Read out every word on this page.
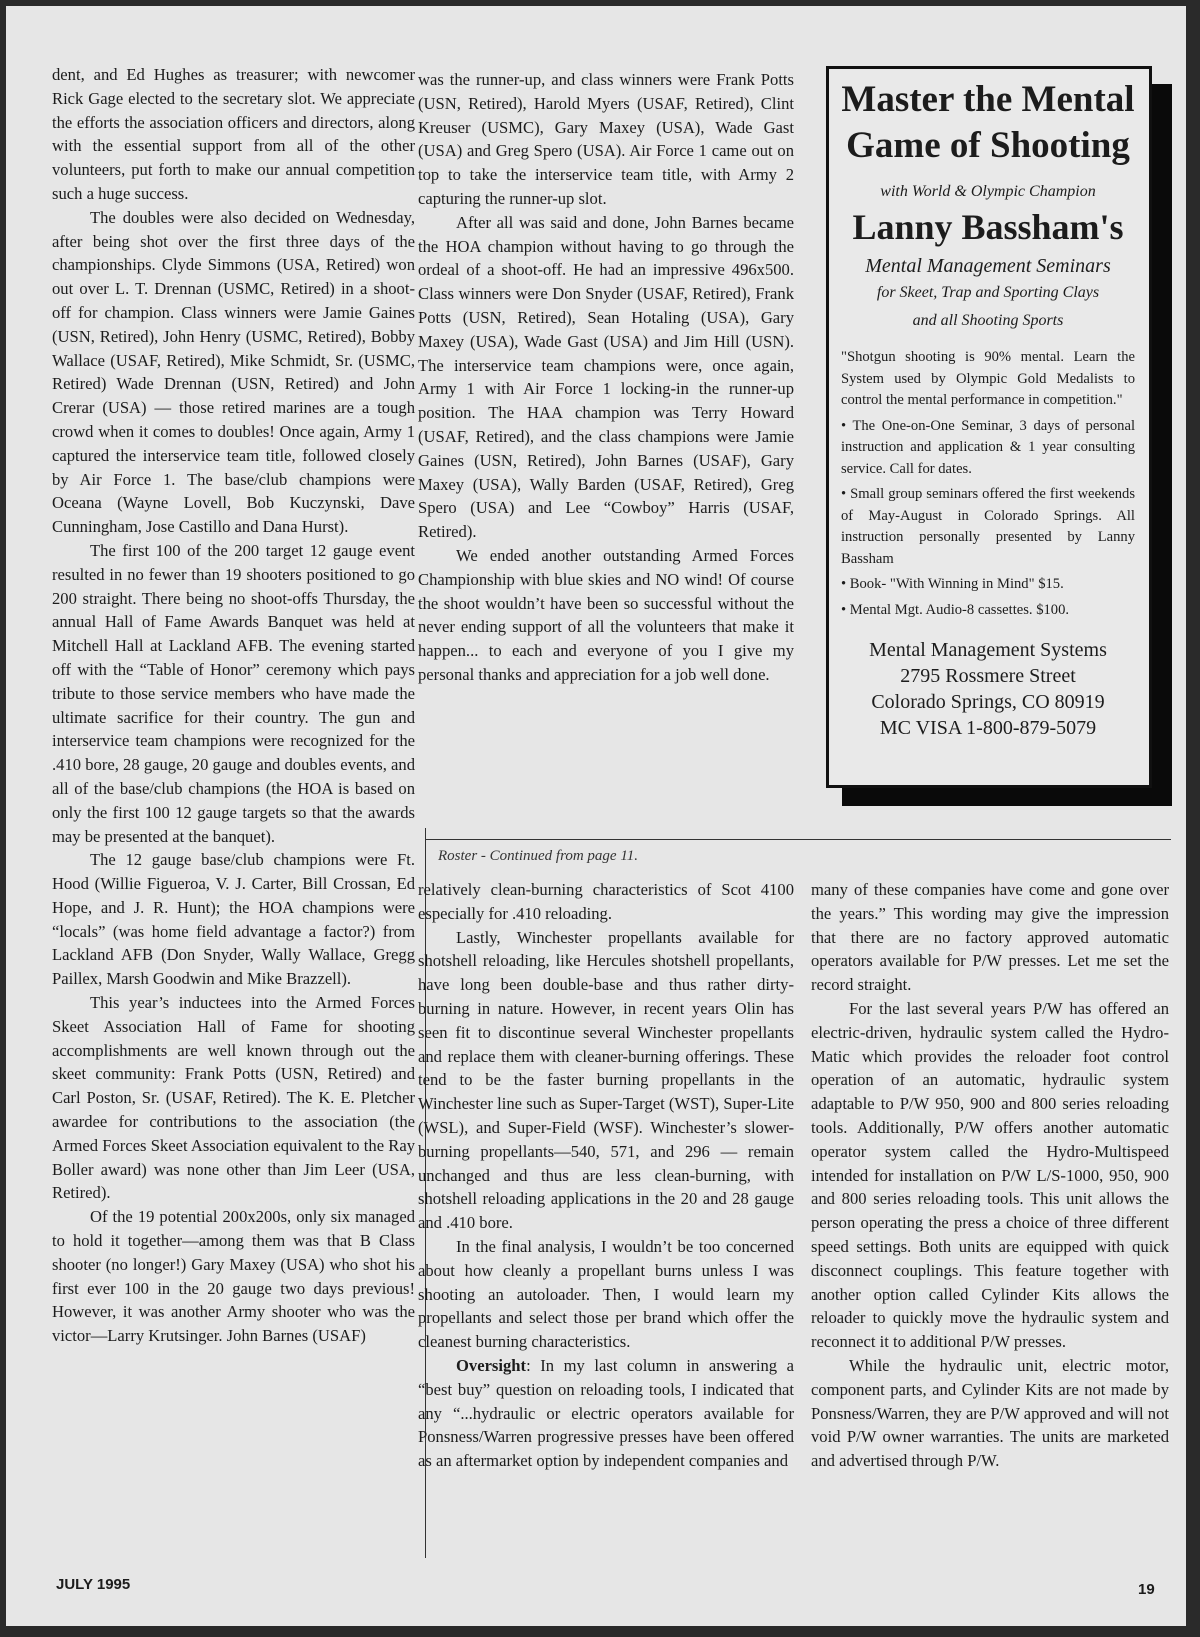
dent, and Ed Hughes as treasurer; with newcomer Rick Gage elected to the secretary slot. We appreciate the efforts the association officers and directors, along with the essential support from all of the other volunteers, put forth to make our annual competition such a huge success.

The doubles were also decided on Wednesday, after being shot over the first three days of the championships. Clyde Simmons (USA, Retired) won out over L. T. Drennan (USMC, Retired) in a shoot-off for champion. Class winners were Jamie Gaines (USN, Retired), John Henry (USMC, Retired), Bobby Wallace (USAF, Retired), Mike Schmidt, Sr. (USMC, Retired) Wade Drennan (USN, Retired) and John Crerar (USA) — those retired marines are a tough crowd when it comes to doubles! Once again, Army 1 captured the interservice team title, followed closely by Air Force 1. The base/club champions were Oceana (Wayne Lovell, Bob Kuczynski, Dave Cunningham, Jose Castillo and Dana Hurst).

The first 100 of the 200 target 12 gauge event resulted in no fewer than 19 shooters positioned to go 200 straight. There being no shoot-offs Thursday, the annual Hall of Fame Awards Banquet was held at Mitchell Hall at Lackland AFB. The evening started off with the “Table of Honor” ceremony which pays tribute to those service members who have made the ultimate sacrifice for their country. The gun and interservice team champions were recognized for the .410 bore, 28 gauge, 20 gauge and doubles events, and all of the base/club champions (the HOA is based on only the first 100 12 gauge targets so that the awards may be presented at the banquet).

The 12 gauge base/club champions were Ft. Hood (Willie Figueroa, V. J. Carter, Bill Crossan, Ed Hope, and J. R. Hunt); the HOA champions were “locals” (was home field advantage a factor?) from Lackland AFB (Don Snyder, Wally Wallace, Gregg Paillex, Marsh Goodwin and Mike Brazzell).

This year’s inductees into the Armed Forces Skeet Association Hall of Fame for shooting accomplishments are well known through out the skeet community: Frank Potts (USN, Retired) and Carl Poston, Sr. (USAF, Retired). The K. E. Pletcher awardee for contributions to the association (the Armed Forces Skeet Association equivalent to the Ray Boller award) was none other than Jim Leer (USA, Retired).

Of the 19 potential 200x200s, only six managed to hold it together—among them was that B Class shooter (no longer!) Gary Maxey (USA) who shot his first ever 100 in the 20 gauge two days previous! However, it was another Army shooter who was the victor—Larry Krutsinger. John Barnes (USAF)

was the runner-up, and class winners were Frank Potts (USN, Retired), Harold Myers (USAF, Retired), Clint Kreuser (USMC), Gary Maxey (USA), Wade Gast (USA) and Greg Spero (USA). Air Force 1 came out on top to take the interservice team title, with Army 2 capturing the runner-up slot.

After all was said and done, John Barnes became the HOA champion without having to go through the ordeal of a shoot-off. He had an impressive 496x500. Class winners were Don Snyder (USAF, Retired), Frank Potts (USN, Retired), Sean Hotaling (USA), Gary Maxey (USA), Wade Gast (USA) and Jim Hill (USN). The interservice team champions were, once again, Army 1 with Air Force 1 locking-in the runner-up position. The HAA champion was Terry Howard (USAF, Retired), and the class champions were Jamie Gaines (USN, Retired), John Barnes (USAF), Gary Maxey (USA), Wally Barden (USAF, Retired), Greg Spero (USA) and Lee “Cowboy” Harris (USAF, Retired).

We ended another outstanding Armed Forces Championship with blue skies and NO wind! Of course the shoot wouldn’t have been so successful without the never ending support of all the volunteers that make it happen... to each and everyone of you I give my personal thanks and appreciation for a job well done.

Master the Mental
Game of Shooting
with World & Olympic Champion
Lanny Bassham's
Mental Management Seminars
for Skeet, Trap and Sporting Clays
and all Shooting Sports

"Shotgun shooting is 90% mental. Learn the System used by Olympic Gold Medalists to control the mental performance in competition."

• The One-on-One Seminar, 3 days of personal instruction and application & 1 year consulting service. Call for dates.

• Small group seminars offered the first weekends of May-August in Colorado Springs. All instruction personally presented by Lanny Bassham

• Book- "With Winning in Mind" $15.

• Mental Mgt. Audio-8 cassettes. $100.

Mental Management Systems
2795 Rossmere Street
Colorado Springs, CO 80919
MC VISA 1-800-879-5079
Roster - Continued from page 11.

relatively clean-burning characteristics of Scot 4100 especially for .410 reloading.

Lastly, Winchester propellants available for shotshell reloading, like Hercules shotshell propellants, have long been double-base and thus rather dirty-burning in nature. However, in recent years Olin has seen fit to discontinue several Winchester propellants and replace them with cleaner-burning offerings. These tend to be the faster burning propellants in the Winchester line such as Super-Target (WST), Super-Lite (WSL), and Super-Field (WSF). Winchester’s slower-burning propellants—540, 571, and 296 — remain unchanged and thus are less clean-burning, with shotshell reloading applications in the 20 and 28 gauge and .410 bore.

In the final analysis, I wouldn’t be too concerned about how cleanly a propellant burns unless I was shooting an autoloader. Then, I would learn my propellants and select those per brand which offer the cleanest burning characteristics.

Oversight: In my last column in answering a “best buy” question on reloading tools, I indicated that any “...hydraulic or electric operators available for Ponsness/Warren progressive presses have been offered as an aftermarket option by independent companies and

many of these companies have come and gone over the years.” This wording may give the impression that there are no factory approved automatic operators available for P/W presses. Let me set the record straight.

For the last several years P/W has offered an electric-driven, hydraulic system called the Hydro-Matic which provides the reloader foot control operation of an automatic, hydraulic system adaptable to P/W 950, 900 and 800 series reloading tools. Additionally, P/W offers another automatic operator system called the Hydro-Multispeed intended for installation on P/W L/S-1000, 950, 900 and 800 series reloading tools. This unit allows the person operating the press a choice of three different speed settings. Both units are equipped with quick disconnect couplings. This feature together with another option called Cylinder Kits allows the reloader to quickly move the hydraulic system and reconnect it to additional P/W presses.

While the hydraulic unit, electric motor, component parts, and Cylinder Kits are not made by Ponsness/Warren, they are P/W approved and will not void P/W owner warranties. The units are marketed and advertised through P/W.

JULY 1995	19
